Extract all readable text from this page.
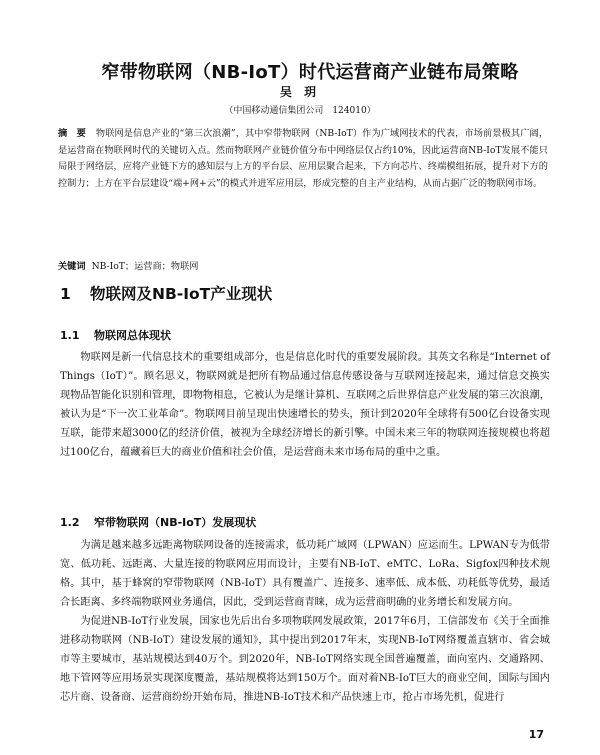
窄带物联网（NB-IoT）时代运营商产业链布局策略
吴 玥
（中国移动通信集团公司　124010）
摘　要 物联网是信息产业的“第三次浪潮”，其中窄带物联网（NB-IoT）作为广域网技术的代表，市场前景极其广阔，是运营商在物联网时代的关键切入点。然而物联网产业链价值分布中网络层仅占约10%，因此运营商NB-IoT发展不能只局限于网络层，应将产业链下方的感知层与上方的平台层、应用层聚合起来，下方向芯片、终端模组拓展，提升对下方的控制力；上方在平台层建设“端+网+云”的模式并进军应用层，形成完整的自主产业结构，从而占据广泛的物联网市场。
关键词 NB-IoT；运营商；物联网
1 物联网及NB-IoT产业现状
1.1 物联网总体现状

物联网是新一代信息技术的重要组成部分，也是信息化时代的重要发展阶段。其英文名称是“Internet of Things（IoT）”。顾名思义，物联网就是把所有物品通过信息传感设备与互联网连接起来，通过信息交换实现物品智能化识别和管理，即物物相息，它被认为是继计算机、互联网之后世界信息产业发展的第三次浪潮，被认为是“下一次工业革命”。物联网目前呈现出快速增长的势头，预计到2020年全球将有500亿台设备实现互联，能带来超3000亿的经济价值，被视为全球经济增长的新引擎。中国未来三年的物联网连接规模也将超过100亿台，蕴藏着巨大的商业价值和社会价值，是运营商未来市场布局的重中之重。

1.2 窄带物联网（NB-IoT）发展现状

为满足越来越多远距离物联网设备的连接需求，低功耗广域网（LPWAN）应运而生。LPWAN专为低带宽、低功耗、远距离、大量连接的物联网应用而设计，主要有NB-IoT、eMTC、LoRa、Sigfox四种技术规格。其中，基于蜂窝的窄带物联网（NB-IoT）具有覆盖广、连接多、速率低、成本低、功耗低等优势，最适合长距离、多终端物联网业务通信，因此，受到运营商青睐，成为运营商明确的业务增长和发展方向。

为促进NB-IoT行业发展，国家也先后出台多项物联网发展政策，2017年6月，工信部发布《关于全面推进移动物联网（NB-IoT）建设发展的通知》，其中提出到2017年末，实现NB-IoT网络覆盖直辖市、省会城市等主要城市，基站规模达到40万个。到2020年，NB-IoT网络实现全国普遍覆盖，面向室内、交通路网、地下管网等应用场景实现深度覆盖，基站规模将达到150万个。面对着NB-IoT巨大的商业空间，国际与国内芯片商、设备商、运营商纷纷开始布局，推进NB-IoT技术和产品快速上市，抢占市场先机，促进行

17
